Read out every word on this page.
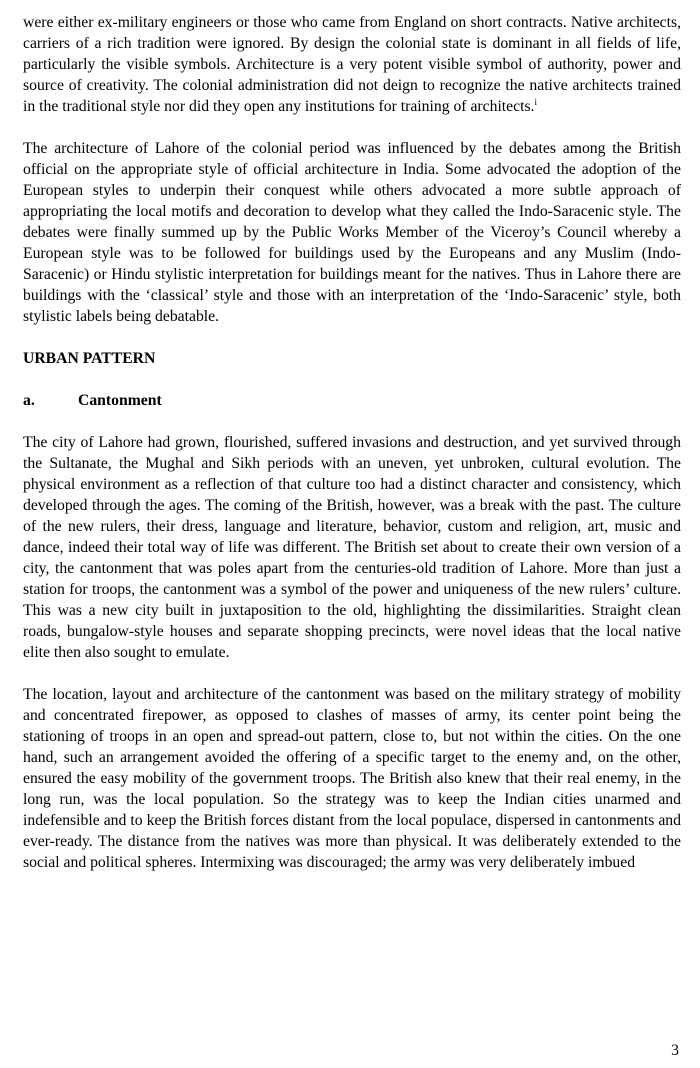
were either ex-military engineers or those who came from England on short contracts. Native architects, carriers of a rich tradition were ignored. By design the colonial state is dominant in all fields of life, particularly the visible symbols. Architecture is a very potent visible symbol of authority, power and source of creativity. The colonial administration did not deign to recognize the native architects trained in the traditional style nor did they open any institutions for training of architects.$^i$

The architecture of Lahore of the colonial period was influenced by the debates among the British official on the appropriate style of official architecture in India. Some advocated the adoption of the European styles to underpin their conquest while others advocated a more subtle approach of appropriating the local motifs and decoration to develop what they called the Indo-Saracenic style. The debates were finally summed up by the Public Works Member of the Viceroy’s Council whereby a European style was to be followed for buildings used by the Europeans and any Muslim (Indo-Saracenic) or Hindu stylistic interpretation for buildings meant for the natives. Thus in Lahore there are buildings with the ‘classical’ style and those with an interpretation of the ‘Indo-Saracenic’ style, both stylistic labels being debatable.

URBAN PATTERN

a.	Cantonment

The city of Lahore had grown, flourished, suffered invasions and destruction, and yet survived through the Sultanate, the Mughal and Sikh periods with an uneven, yet unbroken, cultural evolution. The physical environment as a reflection of that culture too had a distinct character and consistency, which developed through the ages. The coming of the British, however, was a break with the past. The culture of the new rulers, their dress, language and literature, behavior, custom and religion, art, music and dance, indeed their total way of life was different. The British set about to create their own version of a city, the cantonment that was poles apart from the centuries-old tradition of Lahore. More than just a station for troops, the cantonment was a symbol of the power and uniqueness of the new rulers’ culture. This was a new city built in juxtaposition to the old, highlighting the dissimilarities. Straight clean roads, bungalow-style houses and separate shopping precincts, were novel ideas that the local native elite then also sought to emulate.

The location, layout and architecture of the cantonment was based on the military strategy of mobility and concentrated firepower, as opposed to clashes of masses of army, its center point being the stationing of troops in an open and spread-out pattern, close to, but not within the cities. On the one hand, such an arrangement avoided the offering of a specific target to the enemy and, on the other, ensured the easy mobility of the government troops. The British also knew that their real enemy, in the long run, was the local population. So the strategy was to keep the Indian cities unarmed and indefensible and to keep the British forces distant from the local populace, dispersed in cantonments and ever-ready. The distance from the natives was more than physical. It was deliberately extended to the social and political spheres. Intermixing was discouraged; the army was very deliberately imbued

3
